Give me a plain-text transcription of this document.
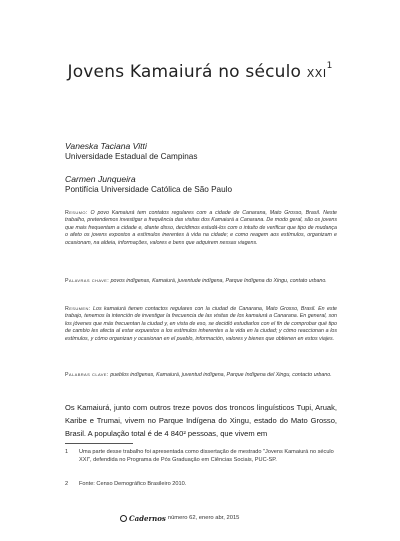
Jovens Kamaiurá no século XXI$^1$
Vaneska Taciana Vitti
Universidade Estadual de Campinas
Carmen Junqueira
Pontifícia Universidade Católica de São Paulo

Resumo: O povo Kamaiurá tem contatos regulares com a cidade de Canarana, Mato Grosso, Brasil. Neste trabalho, pretendemos investigar a frequência das visitas dos Kamaiurá a Canarana. De modo geral, são os jovens que mais frequentam a cidade e, diante disso, decidimos estudá-los com o intuito de verificar que tipo de mudança o afeto os jovens expostos a estímulos inerentes à vida na cidade; e como reagem aos estímulos, organizam e ocasionam, na aldeia, informações, valores e bens que adquirem nessas viagens.

Palavras chave: povos indígenas, Kamaiurá, juventude indígena, Parque Indígena do Xingu, contato urbano.

Resumen: Los kamaiurá tienen contactos regulares con la ciudad de Canarana, Mato Grosso, Brasil. En este trabajo, tenemos la intención de investigar la frecuencia de las visitas de los kamaiurá a Canarana. En general, son los jóvenes que más frecuentan la ciudad y, en vista de eso, se decidió estudiarlos con el fin de comprobar qué tipo de cambio les afecta al estar expuestos a los estímulos inherentes a la vida en la ciudad; y cómo reaccionan a los estímulos, y cómo organizan y ocasionan en el pueblo, información, valores y bienes que obtienen en estos viajes.

Palabras clave: pueblos indígenas, Kamaiurá, juventud indígena, Parque Indígena del Xingu, contacto urbano.

Os Kamaiurá, junto com outros treze povos dos troncos linguísticos Tupi, Aruak, Karibe e Trumai, vivem no Parque Indígena do Xingu, estado do Mato Grosso, Brasil. A população total é de 4 840² pessoas, que vivem em

1 Uma parte desse trabalho foi apresentada como dissertação de mestrado "Jovens Kamaiurá no século XXI", defendida no Programa de Pós Graduação em Ciências Sociais, PUC-SP.
2 Fonte: Censo Demográfico Brasileiro 2010.
Cadernos número 62, enero abr, 2015
